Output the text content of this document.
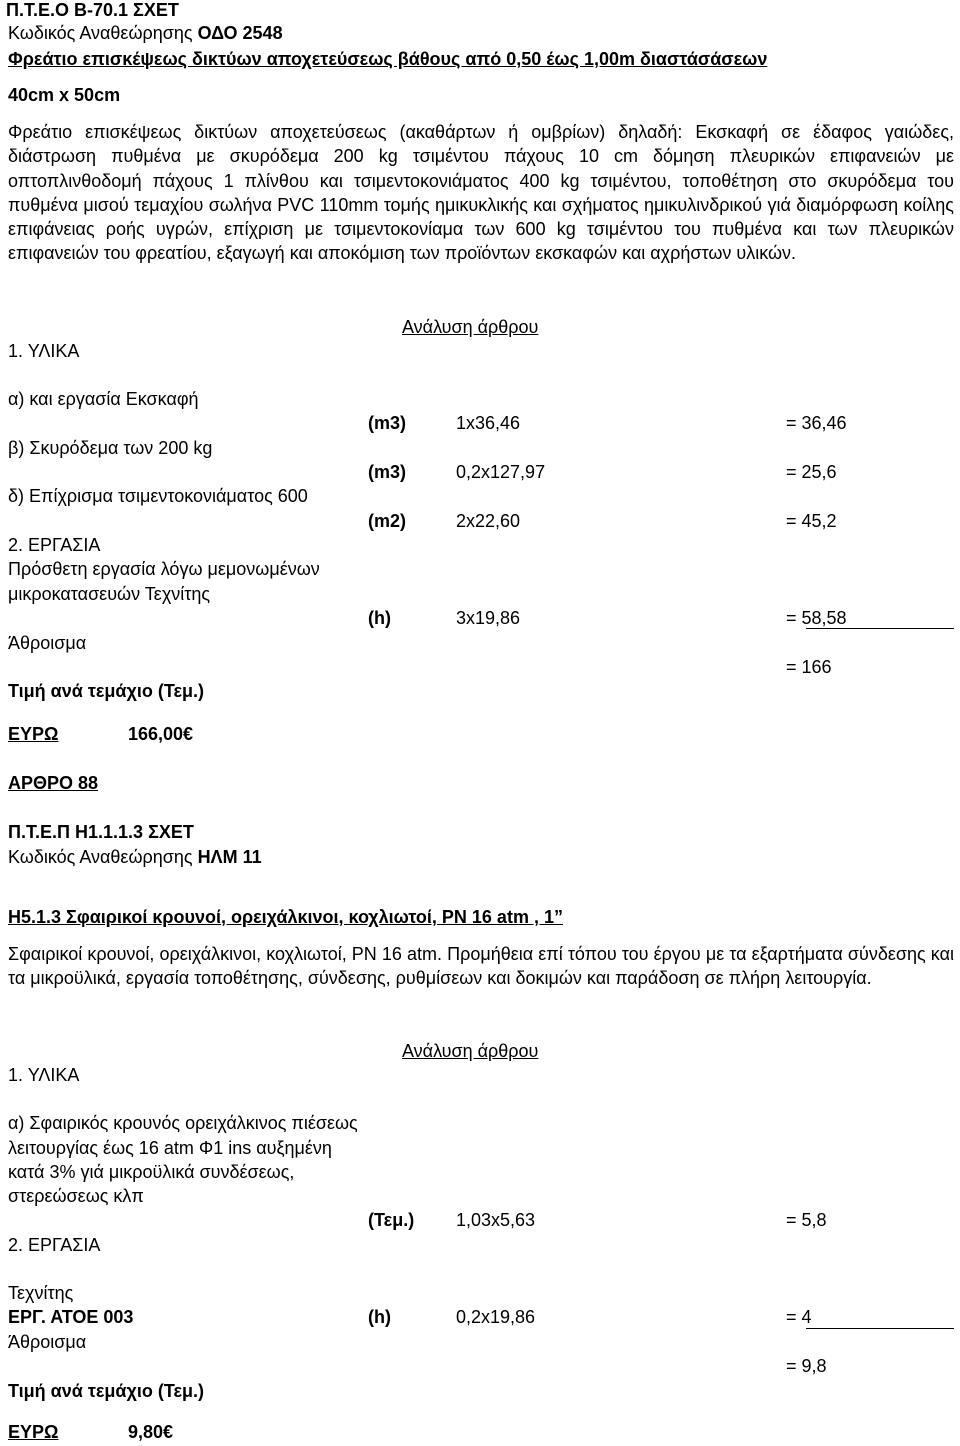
Π.Τ.Ε.Ο Β-70.1 ΣΧΕΤ
Κωδικός Αναθεώρησης ΟΔΟ 2548
Φρεάτιο επισκέψεως δικτύων αποχετεύσεως βάθους από 0,50 έως 1,00m διαστάσάσεων
40cm x 50cm
Φρεάτιο επισκέψεως δικτύων αποχετεύσεως (ακαθάρτων ή ομβρίων) δηλαδή: Εκσκαφή σε έδαφος γαιώδες, διάστρωση πυθμένα με σκυρόδεμα 200 kg τσιμέντου πάχους 10 cm δόμηση πλευρικών επιφανειών με οπτοπλινθοδομή πάχους 1 πλίνθου και τσιμεντοκονιάματος 400 kg τσιμέντου, τοποθέτηση στο σκυρόδεμα του πυθμένα μισού τεμαχίου σωλήνα PVC 110mm τομής ημικυκλικής και σχήματος ημικυλινδρικού γιά διαμόρφωση κοίλης επιφάνειας ροής υγρών, επίχριση με τσιμεντοκονίαμα των 600 kg τσιμέντου του πυθμένα και των πλευρικών επιφανειών του φρεατίου, εξαγωγή και αποκόμιση των προϊόντων εκσκαφών και αχρήστων υλικών.
Ανάλυση άρθρου
1. ΥΛΙΚΑ
α) και εργασία Εκσκαφή
(m3)	1x36,46	= 36,46
β) Σκυρόδεμα των 200 kg
(m3)	0,2x127,97	= 25,6
δ) Επίχρισμα τσιμεντοκονιάματος 600
(m2)	2x22,60	= 45,2
2. ΕΡΓΑΣΙΑ
Πρόσθετη εργασία λόγω μεμονωμένων
μικροκατασευών Τεχνίτης
(h)	3x19,86	= 58,58
Άθροισμα
= 166
Τιμή ανά τεμάχιο (Τεμ.)
ΕΥΡΩ	166,00€
ΑΡΘΡΟ 88
Π.Τ.Ε.Π Η1.1.1.3 ΣΧΕΤ
Κωδικός Αναθεώρησης ΗΛΜ 11
Η5.1.3 Σφαιρικοί κρουνοί, ορειχάλκινοι, κοχλιωτοί, PN 16 atm , 1”
Σφαιρικοί κρουνοί, ορειχάλκινοι, κοχλιωτοί, PN 16 atm. Προμήθεια επί τόπου του έργου με τα εξαρτήματα σύνδεσης και τα μικροϋλικά, εργασία τοποθέτησης, σύνδεσης, ρυθμίσεων και δοκιμών και παράδοση σε πλήρη λειτουργία.
Ανάλυση άρθρου
1. ΥΛΙΚΑ
α) Σφαιρικός κρουνός ορειχάλκινος πιέσεως
λειτουργίας έως 16 atm Φ1 ins αυξημένη
κατά 3% γιά μικροϋλικά συνδέσεως,
στερεώσεως κλπ
(Τεμ.) 1,03x5,63	= 5,8
2. ΕΡΓΑΣΙΑ
Τεχνίτης
ΕΡΓ. ΑΤΟΕ 003	(h)	0,2x19,86	= 4
Άθροισμα
= 9,8
Τιμή ανά τεμάχιο (Τεμ.)
ΕΥΡΩ	9,80€
